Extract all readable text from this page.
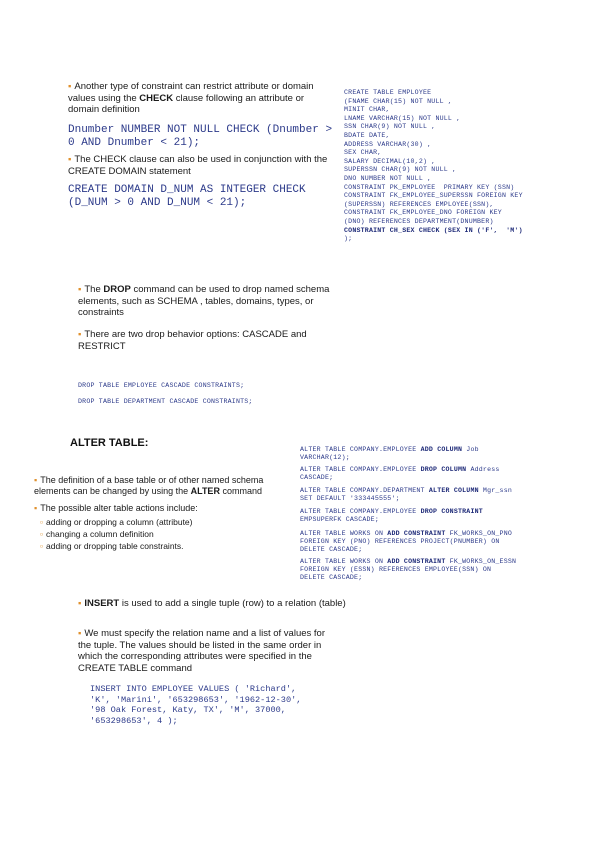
▪ Another type of constraint can restrict attribute or domain values using the CHECK clause following an attribute or domain definition
Dnumber NUMBER NOT NULL CHECK (Dnumber >
0 AND Dnumber < 21);
▪ The CHECK clause can also be used in conjunction with the CREATE DOMAIN statement
CREATE DOMAIN D_NUM AS INTEGER CHECK
(D_NUM > 0 AND D_NUM < 21);
CREATE TABLE EMPLOYEE
(FNAME CHAR(15) NOT NULL ,
MINIT CHAR,
LNAME VARCHAR(15) NOT NULL ,
SSN CHAR(9) NOT NULL ,
BDATE DATE,
ADDRESS VARCHAR(30) ,
SEX CHAR,
SALARY DECIMAL(10,2) ,
SUPERSSN CHAR(9) NOT NULL ,
DNO NUMBER NOT NULL ,
CONSTRAINT PK_EMPLOYEE  PRIMARY KEY (SSN)
CONSTRAINT FK_EMPLOYEE_SUPERSSN FOREIGN KEY
(SUPERSSN) REFERENCES EMPLOYEE(SSN),
CONSTRAINT FK_EMPLOYEE_DNO FOREIGN KEY
(DNO) REFERENCES DEPARTMENT(DNUMBER)
CONSTRAINT CH_SEX CHECK (SEX IN ('F',  'M')
);
▪ The DROP command can be used to drop named schema elements, such as SCHEMA , tables, domains, types, or constraints
▪ There are two drop behavior options: CASCADE and RESTRICT
DROP TABLE EMPLOYEE CASCADE CONSTRAINTS;
DROP TABLE DEPARTMENT CASCADE CONSTRAINTS;
ALTER TABLE:
▪ The definition of a base table or of other named schema elements can be changed by using the ALTER command
▪ The possible alter table actions include:
▫ adding or dropping a column (attribute)
▫ changing a column definition
▫ adding or dropping table constraints.
ALTER TABLE COMPANY.EMPLOYEE ADD COLUMN Job
VARCHAR(12);
ALTER TABLE COMPANY.EMPLOYEE DROP COLUMN Address
CASCADE;
ALTER TABLE COMPANY.DEPARTMENT ALTER COLUMN Mgr_ssn
SET DEFAULT '333445555';
ALTER TABLE COMPANY.EMPLOYEE DROP CONSTRAINT
EMPSUPERFK CASCADE;
ALTER TABLE WORKS ON ADD CONSTRAINT FK_WORKS_ON_PNO
FOREIGN KEY (PNO) REFERENCES PROJECT(PNUMBER) ON
DELETE CASCADE;
ALTER TABLE WORKS ON ADD CONSTRAINT FK_WORKS_ON_ESSN
FOREIGN KEY (ESSN) REFERENCES EMPLOYEE(SSN) ON
DELETE CASCADE;
▪ INSERT is used to add a single tuple (row) to a relation (table)
▪ We must specify the relation name and a list of values for the tuple. The values should be listed in the same order in which the corresponding attributes were specified in the CREATE TABLE command
INSERT INTO EMPLOYEE VALUES ( 'Richard',
'K', 'Marini', '653298653', '1962-12-30',
'98 Oak Forest, Katy, TX', 'M', 37000,
'653298653', 4 );
